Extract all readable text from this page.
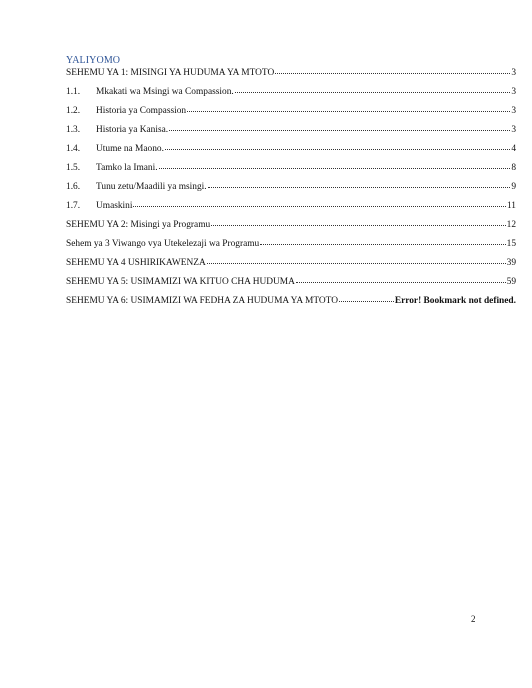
YALIYOMO
SEHEMU YA 1: MISINGI YA HUDUMA YA MTOTO	3
1.1.	Mkakati wa Msingi wa Compassion.	3
1.2.	Historia ya Compassion	3
1.3.	Historia ya Kanisa.	3
1.4.	Utume na Maono.	4
1.5.	Tamko la Imani.	8
1.6.	Tunu zetu/Maadili ya msingi.	9
1.7.	Umaskini	11
SEHEMU YA 2: Misingi ya Programu	12
Sehem ya 3 Viwango vya Utekelezaji wa Programu	15
SEHEMU YA 4 USHIRIKAWENZA	39
SEHEMU YA 5: USIMAMIZI WA KITUO CHA HUDUMA	59
SEHEMU YA 6: USIMAMIZI WA FEDHA ZA HUDUMA YA MTOTO	Error! Bookmark not defined.
2
